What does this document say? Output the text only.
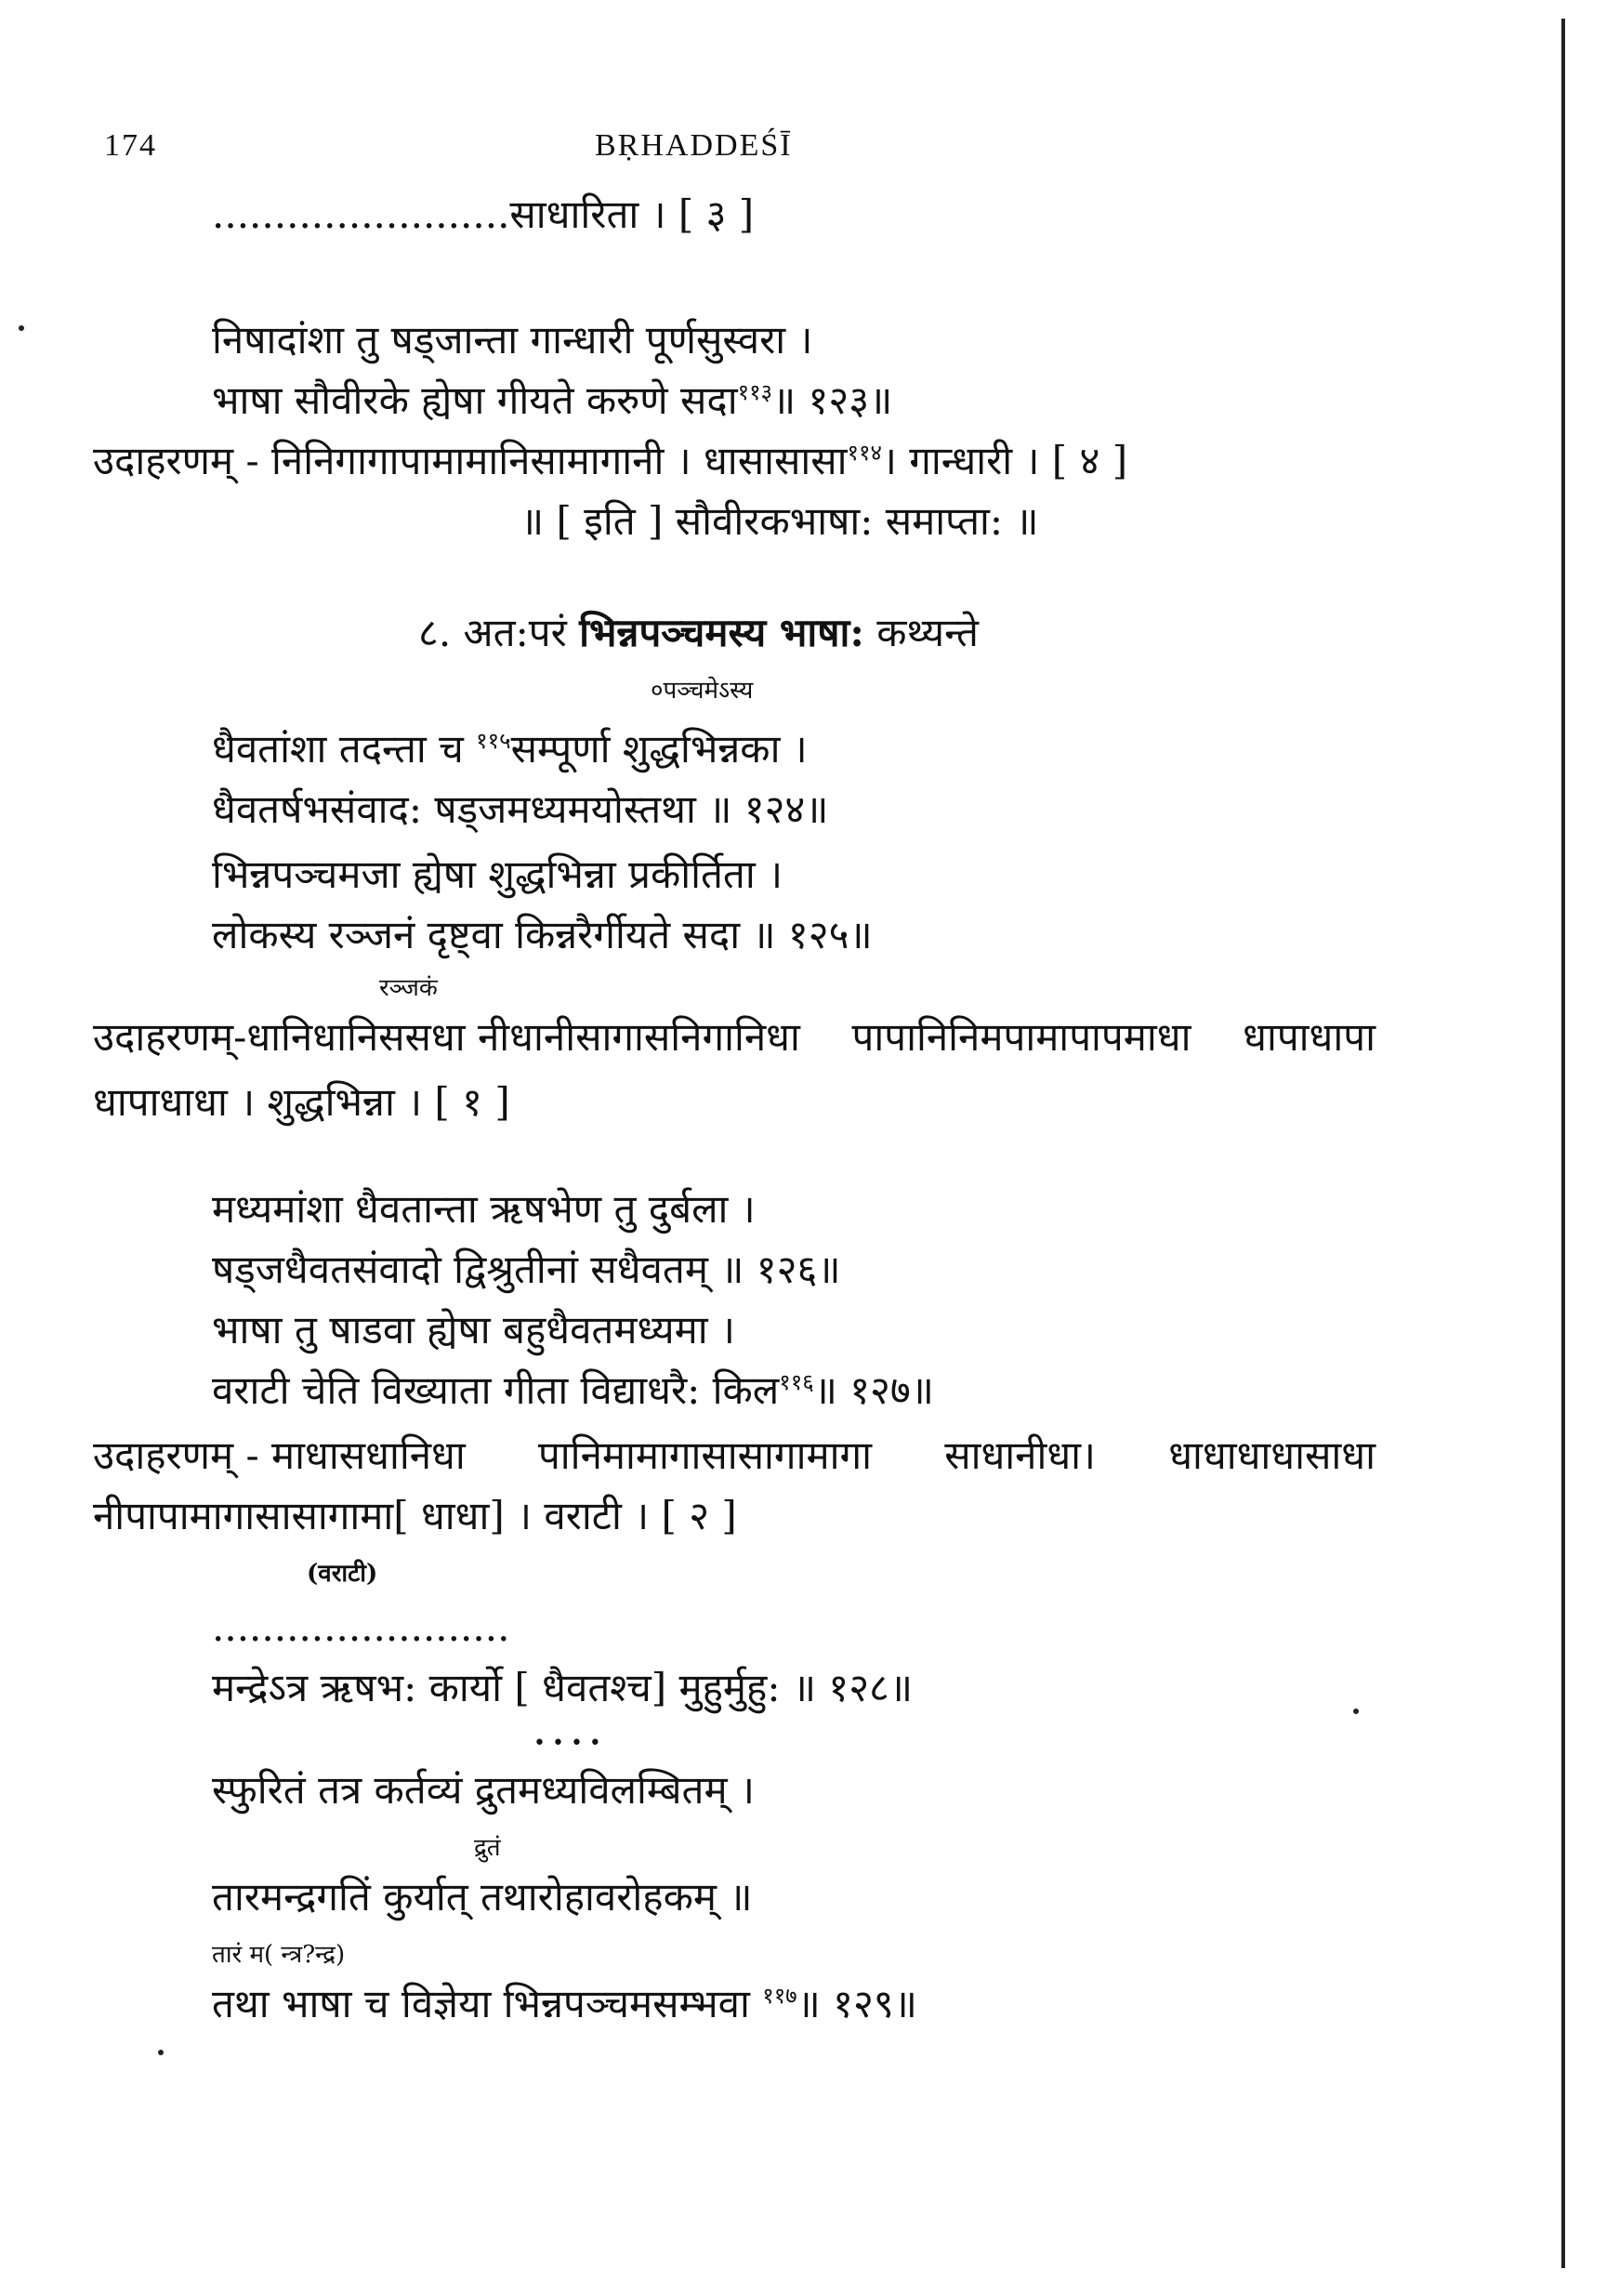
174	BṚHADDEŚĪ
........................साधारिता । [ ३ ]
निषादांशा तु षड्जान्ता गान्धारी पूर्णसुस्वरा ।
भाषा सौवीरके ह्येषा गीयते करुणे सदा$^{११३}$॥ १२३॥
उदाहरणम् - निनिगागापामामानिसामागानी । धासासासा$^{११४}$। गान्धारी । [ ४ ]
॥ [ इति ] सौवीरकभाषा: समाप्ता: ॥
८. अत:परं भिन्नपञ्चमस्य भाषा: कथ्यन्ते
०पञ्चमेऽस्य
धैवतांशा तदन्ता च $^{११५}$सम्पूर्णा शुद्धभिन्नका ।
धैवतर्षभसंवाद: षड्जमध्यमयोस्तथा ॥ १२४॥
भिन्नपञ्चमजा ह्येषा शुद्धभिन्ना प्रकीर्तिता ।
लोकस्य रञ्जनं दृष्ट्वा किन्नरैर्गीयते सदा ॥ १२५॥
रञ्जकं
उदाहरणम्-धानिधानिससधा नीधानीसागासनिगानिधा पापानिनिमपामापापमाधा धापाधापा
धापाधाधा । शुद्धभिन्ना । [ १ ]
मध्यमांशा धैवतान्ता ऋषभेण तु दुर्बला ।
षड्जधैवतसंवादो द्विश्रुतीनां सधैवतम् ॥ १२६॥
भाषा तु षाडवा ह्येषा बहुधैवतमध्यमा ।
वराटी चेति विख्याता गीता विद्याधरै: किल$^{११६}$॥ १२७॥
उदाहरणम् - माधासधानिधा पानिमामागासासागामागा साधानीधा। धाधाधाधासाधा
नीपापामागासासागामा[ धाधा] । वराटी । [ २ ]
(वराटी)
........................
मन्द्रेऽत्र ऋषभ: कार्यो [ धैवतश्च] मुहुर्मुहु: ॥ १२८॥
• • • •
स्फुरितं तत्र कर्तव्यं द्रुतमध्यविलम्बितम् ।
द्रुतं
तारमन्द्रगतिं कुर्यात् तथारोहावरोहकम् ॥
तारं म( न्त्र?न्द्र)
तथा भाषा च विज्ञेया भिन्नपञ्चमसम्भवा $^{११७}$॥ १२९॥
